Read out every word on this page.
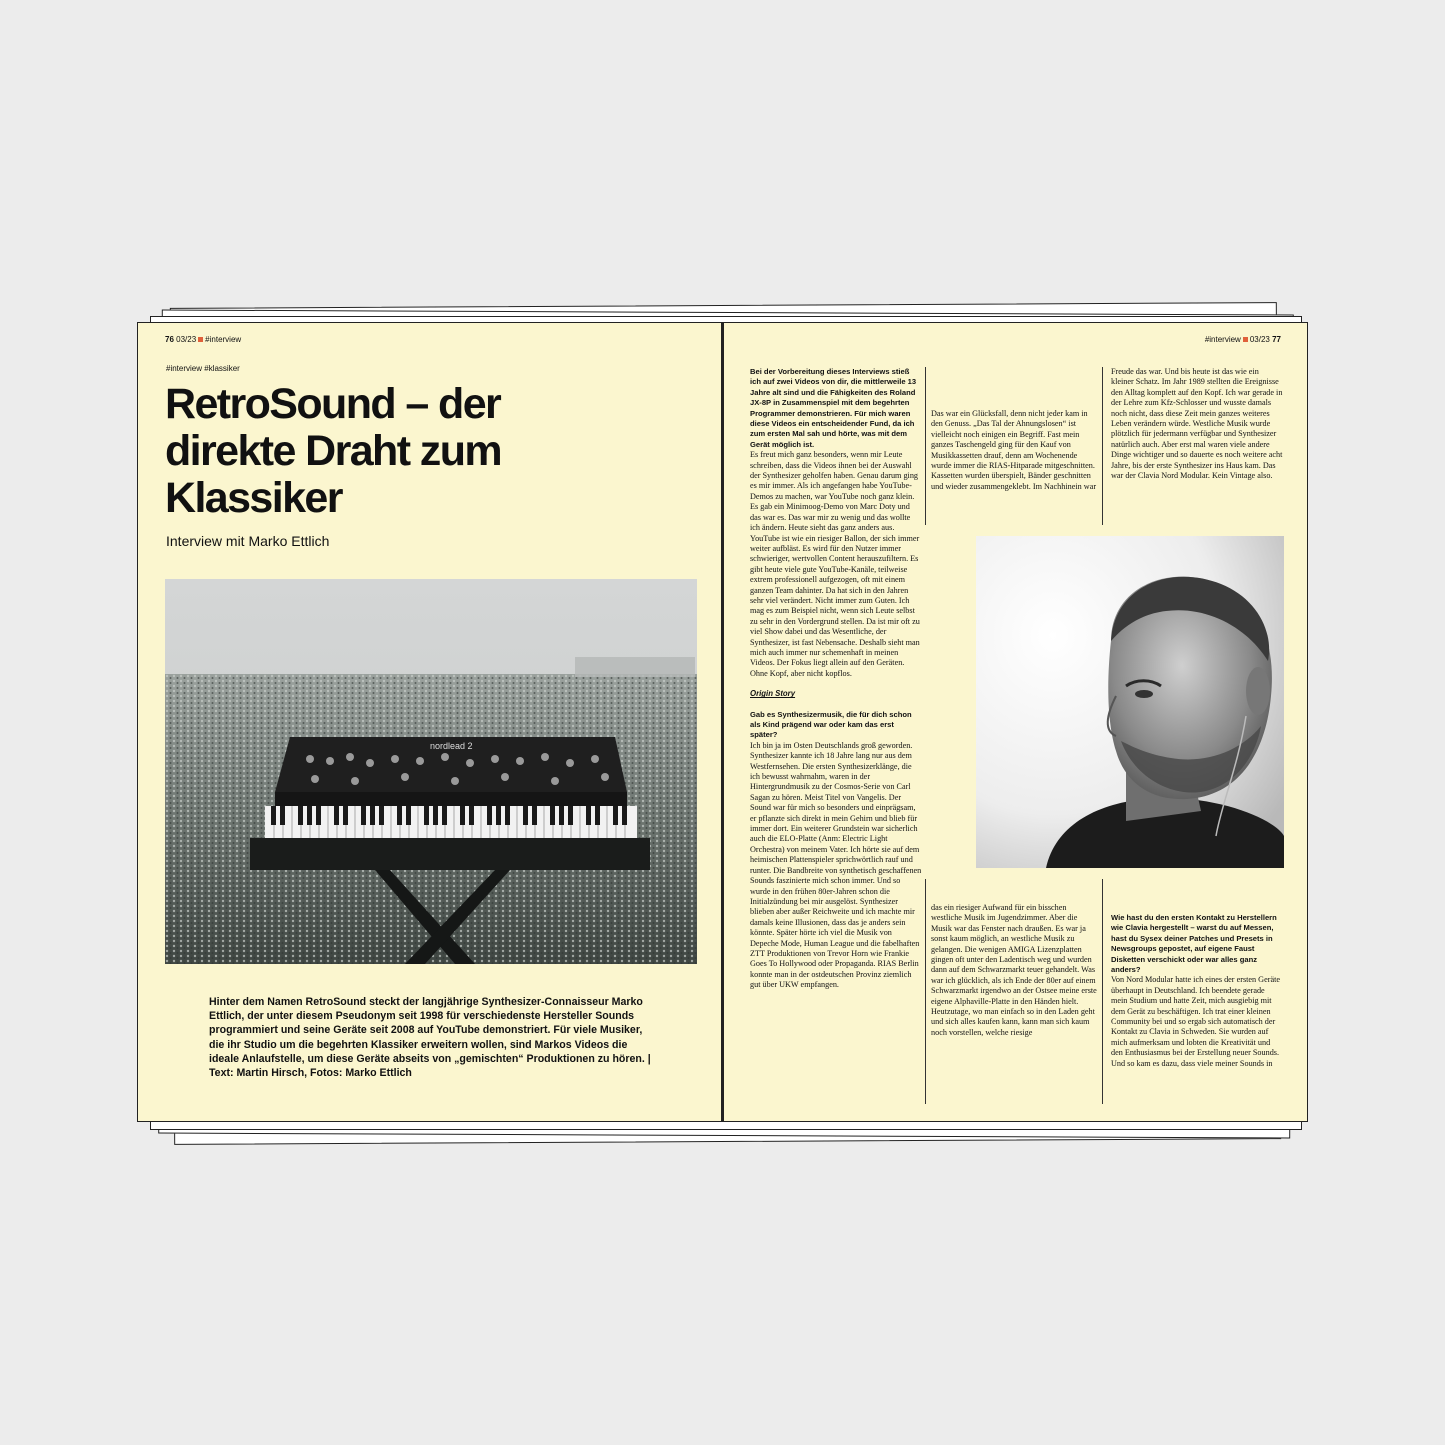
76 03/23 #interview
#interview #klassiker
RetroSound – der direkte Draht zum Klassiker
Interview mit Marko Ettlich
nordlead 2
Hinter dem Namen RetroSound steckt der langjährige Synthesizer-Connaisseur Marko Ettlich, der unter diesem Pseudonym seit 1998 für verschiedenste Hersteller Sounds programmiert und seine Geräte seit 2008 auf YouTube demonstriert. Für viele Musiker, die ihr Studio um die begehrten Klassiker erweitern wollen, sind Markos Videos die ideale Anlaufstelle, um diese Geräte abseits von „gemischten“ Produktionen zu hören. | Text: Martin Hirsch, Fotos: Marko Ettlich
#interview 03/23 77

Bei der Vorbereitung dieses Interviews stieß ich auf zwei Videos von dir, die mittlerweile 13 Jahre alt sind und die Fähigkeiten des Roland JX-8P in Zusammenspiel mit dem begehrten Programmer demonstrieren. Für mich waren diese Videos ein entscheidender Fund, da ich zum ersten Mal sah und hörte, was mit dem Gerät möglich ist.

Es freut mich ganz besonders, wenn mir Leute schreiben, dass die Videos ihnen bei der Auswahl der Synthesizer geholfen haben. Genau darum ging es mir immer. Als ich angefangen habe YouTube-Demos zu machen, war YouTube noch ganz klein. Es gab ein Minimoog-Demo von Marc Doty und das war es. Das war mir zu wenig und das wollte ich ändern. Heute sieht das ganz anders aus. YouTube ist wie ein riesiger Ballon, der sich immer weiter aufbläst. Es wird für den Nutzer immer schwieriger, wertvollen Content herauszufiltern. Es gibt heute viele gute YouTube-Kanäle, teilweise extrem professionell aufgezogen, oft mit einem ganzen Team dahinter. Da hat sich in den Jahren sehr viel verändert. Nicht immer zum Guten. Ich mag es zum Beispiel nicht, wenn sich Leute selbst zu sehr in den Vordergrund stellen. Da ist mir oft zu viel Show dabei und das Wesentliche, der Synthesizer, ist fast Nebensache. Deshalb sieht man mich auch immer nur schemenhaft in meinen Videos. Der Fokus liegt allein auf den Geräten. Ohne Kopf, aber nicht kopflos.

Origin Story

Gab es Synthesizermusik, die für dich schon als Kind prägend war oder kam das erst später?

Ich bin ja im Osten Deutschlands groß geworden. Synthesizer kannte ich 18 Jahre lang nur aus dem Westfernsehen. Die ersten Synthesizerklänge, die ich bewusst wahrnahm, waren in der Hintergrundmusik zu der Cosmos-Serie von Carl Sagan zu hören. Meist Titel von Vangelis. Der Sound war für mich so besonders und einprägsam, er pflanzte sich direkt in mein Gehirn und blieb für immer dort. Ein weiterer Grundstein war sicherlich auch die ELO-Platte (Anm: Electric Light Orchestra) von meinem Vater. Ich hörte sie auf dem heimischen Plattenspieler sprichwörtlich rauf und runter. Die Bandbreite von synthetisch geschaffenen Sounds faszinierte mich schon immer. Und so wurde in den frühen 80er-Jahren schon die Initialzündung bei mir ausgelöst. Synthesizer blieben aber außer Reichweite und ich machte mir damals keine Illusionen, dass das je anders sein könnte. Später hörte ich viel die Musik von Depeche Mode, Human League und die fabelhaften ZTT Produktionen von Trevor Horn wie Frankie Goes To Hollywood oder Propaganda. RIAS Berlin konnte man in der ostdeutschen Provinz ziemlich gut über UKW empfangen.

Das war ein Glücksfall, denn nicht jeder kam in den Genuss. „Das Tal der Ahnungslosen“ ist vielleicht noch einigen ein Begriff. Fast mein ganzes Taschengeld ging für den Kauf von Musikkassetten drauf, denn am Wochenende wurde immer die RIAS-Hitparade mitgeschnitten. Kassetten wurden überspielt, Bänder geschnitten und wieder zusammengeklebt. Im Nachhinein war

Freude das war. Und bis heute ist das wie ein kleiner Schatz. Im Jahr 1989 stellten die Ereignisse den Alltag komplett auf den Kopf. Ich war gerade in der Lehre zum Kfz-Schlosser und wusste damals noch nicht, dass diese Zeit mein ganzes weiteres Leben verändern würde. Westliche Musik wurde plötzlich für jedermann verfügbar und Synthesizer natürlich auch. Aber erst mal waren viele andere Dinge wichtiger und so dauerte es noch weitere acht Jahre, bis der erste Synthesizer ins Haus kam. Das war der Clavia Nord Modular. Kein Vintage also.

das ein riesiger Aufwand für ein bisschen westliche Musik im Jugendzimmer. Aber die Musik war das Fenster nach draußen. Es war ja sonst kaum möglich, an westliche Musik zu gelangen. Die wenigen AMIGA Lizenzplatten gingen oft unter den Ladentisch weg und wurden dann auf dem Schwarzmarkt teuer gehandelt. Was war ich glücklich, als ich Ende der 80er auf einem Schwarzmarkt irgendwo an der Ostsee meine erste eigene Alphaville-Platte in den Händen hielt. Heutzutage, wo man einfach so in den Laden geht und sich alles kaufen kann, kann man sich kaum noch vorstellen, welche riesige

Wie hast du den ersten Kontakt zu Herstellern wie Clavia hergestellt – warst du auf Messen, hast du Sysex deiner Patches und Presets in Newsgroups gepostet, auf eigene Faust Disketten verschickt oder war alles ganz anders?

Von Nord Modular hatte ich eines der ersten Geräte überhaupt in Deutschland. Ich beendete gerade mein Studium und hatte Zeit, mich ausgiebig mit dem Gerät zu beschäftigen. Ich trat einer kleinen Community bei und so ergab sich automatisch der Kontakt zu Clavia in Schweden. Sie wurden auf mich aufmerksam und lobten die Kreativität und den Enthusiasmus bei der Erstellung neuer Sounds. Und so kam es dazu, dass viele meiner Sounds in
